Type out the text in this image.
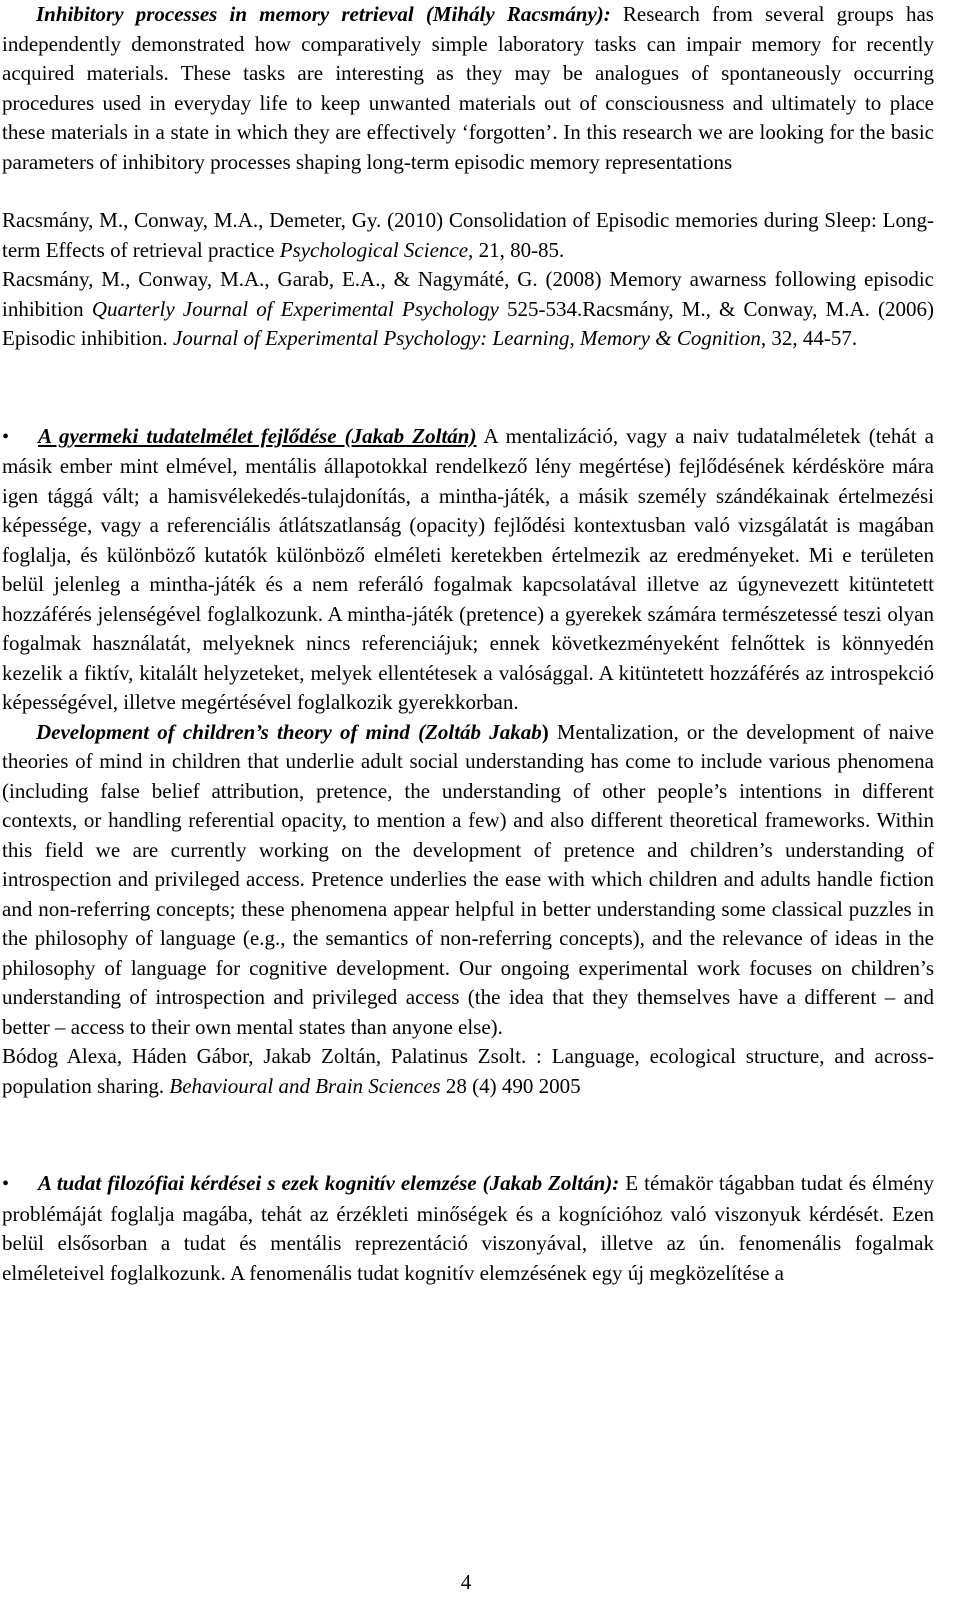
Inhibitory processes in memory retrieval (Mihály Racsmány): Research from several groups has independently demonstrated how comparatively simple laboratory tasks can impair memory for recently acquired materials. These tasks are interesting as they may be analogues of spontaneously occurring procedures used in everyday life to keep unwanted materials out of consciousness and ultimately to place these materials in a state in which they are effectively ‘forgotten’. In this research we are looking for the basic parameters of inhibitory processes shaping long-term episodic memory representations

Racsmány, M., Conway, M.A., Demeter, Gy. (2010) Consolidation of Episodic memories during Sleep: Long-term Effects of retrieval practice Psychological Science, 21, 80-85.

Racsmány, M., Conway, M.A., Garab, E.A., & Nagymáté, G. (2008) Memory awarness following episodic inhibition Quarterly Journal of Experimental Psychology 525-534.Racsmány, M., & Conway, M.A. (2006) Episodic inhibition. Journal of Experimental Psychology: Learning, Memory & Cognition, 32, 44-57.

• A gyermeki tudatelmélet fejlődése (Jakab Zoltán) A mentalizáció, vagy a naiv tudatalméletek (tehát a másik ember mint elmével, mentális állapotokkal rendelkező lény megértése) fejlődésének kérdésköre mára igen tággá vált; a hamisvélekedés-tulajdonítás, a mintha-játék, a másik személy szándékainak értelmezési képessége, vagy a referenciális átlátszatlanság (opacity) fejlődési kontextusban való vizsgálatát is magában foglalja, és különböző kutatók különböző elméleti keretekben értelmezik az eredményeket. Mi e területen belül jelenleg a mintha-játék és a nem referáló fogalmak kapcsolatával illetve az úgynevezett kitüntetett hozzáférés jelenségével foglalkozunk. A mintha-játék (pretence) a gyerekek számára természetessé teszi olyan fogalmak használatát, melyeknek nincs referenciájuk; ennek következményeként felnőttek is könnyedén kezelik a fiktív, kitalált helyzeteket, melyek ellentétesek a valósággal. A kitüntetett hozzáférés az introspekció képességével, illetve megértésével foglalkozik gyerekkorban.

Development of children’s theory of mind (Zoltáb Jakab) Mentalization, or the development of naive theories of mind in children that underlie adult social understanding has come to include various phenomena (including false belief attribution, pretence, the understanding of other people’s intentions in different contexts, or handling referential opacity, to mention a few) and also different theoretical frameworks. Within this field we are currently working on the development of pretence and children’s understanding of introspection and privileged access. Pretence underlies the ease with which children and adults handle fiction and non-referring concepts; these phenomena appear helpful in better understanding some classical puzzles in the philosophy of language (e.g., the semantics of non-referring concepts), and the relevance of ideas in the philosophy of language for cognitive development. Our ongoing experimental work focuses on children’s understanding of introspection and privileged access (the idea that they themselves have a different – and better – access to their own mental states than anyone else).

Bódog Alexa, Háden Gábor, Jakab Zoltán, Palatinus Zsolt. : Language, ecological structure, and across-population sharing. Behavioural and Brain Sciences 28 (4) 490 2005

• A tudat filozófiai kérdései s ezek kognitív elemzése (Jakab Zoltán): E témakör tágabban tudat és élmény problémáját foglalja magába, tehát az érzékleti minőségek és a kognícióhoz való viszonyuk kérdését. Ezen belül elsősorban a tudat és mentális reprezentáció viszonyával, illetve az ún. fenomenális fogalmak elméleteivel foglalkozunk. A fenomenális tudat kognitív elemzésének egy új megközelítése a

4
